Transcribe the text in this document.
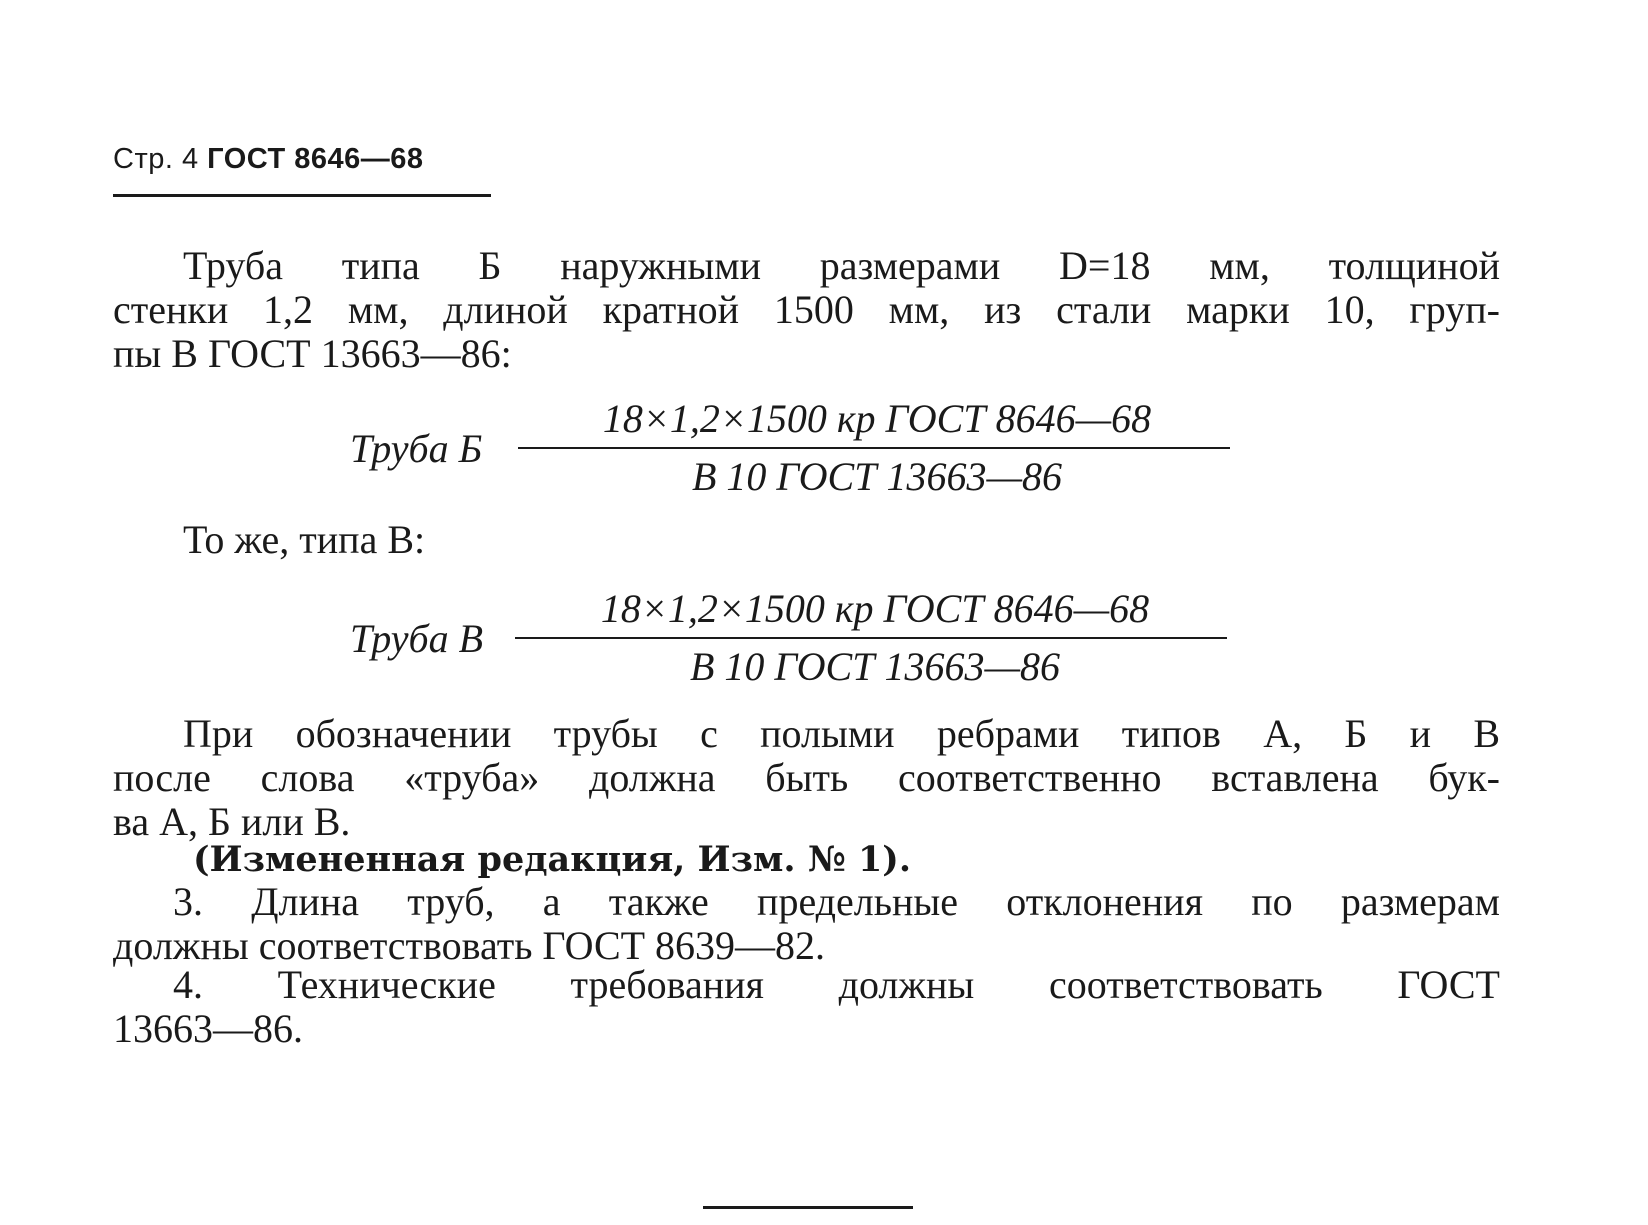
Стр. 4 ГОСТ 8646—68
Труба типа Б наружными размерами D=18 мм, толщиной
стенки 1,2 мм, длиной кратной 1500 мм, из стали марки 10, груп-
пы В ГОСТ 13663—86:
Труба Б
18×1,2×1500 кр ГОСТ 8646—68
В 10 ГОСТ 13663—86
То же, типа В:
Труба В
18×1,2×1500 кр ГОСТ 8646—68
В 10 ГОСТ 13663—86
При обозначении трубы с полыми ребрами типов А, Б и В
после слова «труба» должна быть соответственно вставлена бук-
ва А, Б или В.
(Измененная редакция, Изм. № 1).
3. Длина труб, а также предельные отклонения по размерам
должны соответствовать ГОСТ 8639—82.
4. Технические требования должны соответствовать ГОСТ
13663—86.
